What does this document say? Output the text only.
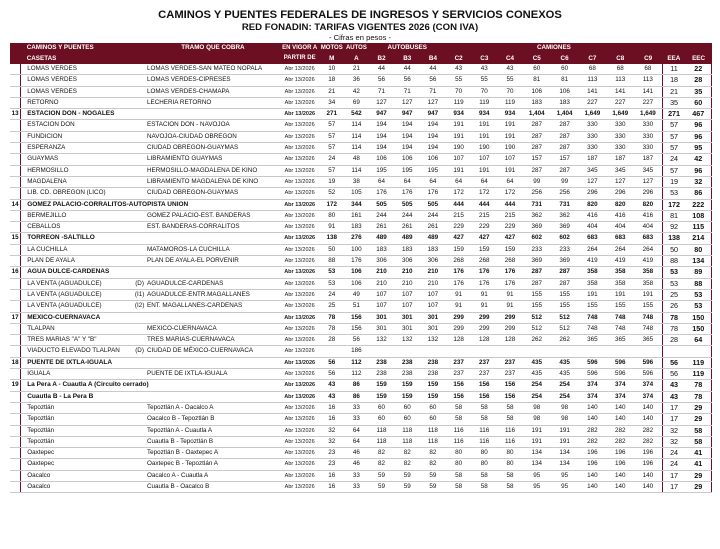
CAMINOS Y PUENTES FEDERALES DE INGRESOS Y SERVICIOS CONEXOS
RED FONADIN: TARIFAS VIGENTES 2026 (CON IVA)
- Cifras en pesos -
	CAMINOS Y PUENTES		TRAMO QUE COBRA	EN VIGOR A	MOTOS	AUTOS	AUTOBUSES			CAMIONES									
	CASETAS			PARTIR DE	M	A	B2	B3	B4	C2	C3	C4	C5	C6	C7	C8	C9	EEA	EEC
	LOMAS VERDES		LOMAS VERDES-SAN MATEO NOPALA	Abr 13/2026	10	21	44	44	44	43	43	43	60	60	68	68	68	11	22
	LOMAS VERDES		LOMAS VERDES-CIPRESES	Abr 13/2026	18	36	56	56	56	55	55	55	81	81	113	113	113	18	28
	LOMAS VERDES		LOMAS VERDES-CHAMAPA	Abr 13/2026	21	42	71	71	71	70	70	70	106	106	141	141	141	21	35
	RETORNO		LECHERIA RETORNO	Abr 13/2026	34	69	127	127	127	119	119	119	183	183	227	227	227	35	60
13	ESTACION DON - NOGALES			Abr 13/2026	271	542	947	947	947	934	934	934	1,404	1,404	1,649	1,649	1,649	271	467
	ESTACION DON		ESTACION DON - NAVOJOA	Abr 13/2026	57	114	194	194	194	191	191	191	287	287	330	330	330	57	96
	FUNDICION		NAVOJOA-CIUDAD OBREGON	Abr 13/2026	57	114	194	194	194	191	191	191	287	287	330	330	330	57	96
	ESPERANZA		CIUDAD OBREGON-GUAYMAS	Abr 13/2026	57	114	194	194	194	190	190	190	287	287	330	330	330	57	95
	GUAYMAS		LIBRAMIENTO GUAYMAS	Abr 13/2026	24	48	106	106	106	107	107	107	157	157	187	187	187	24	42
	HERMOSILLO		HERMOSILLO-MAGDALENA DE KINO	Abr 13/2026	57	114	195	195	195	191	191	191	287	287	345	345	345	57	96
	MAGDALENA		LIBRAMIENTO MAGDALENA DE KINO	Abr 13/2026	19	38	64	64	64	64	64	64	99	99	127	127	127	19	32
	LIB. CD. OBREGON (LICO)		CIUDAD OBREGON-GUAYMAS	Abr 13/2026	52	105	176	176	176	172	172	172	256	256	296	296	296	53	86
14	GOMEZ PALACIO-CORRALITOS-AUTOPISTA UNION			Abr 13/2026	172	344	505	505	505	444	444	444	731	731	820	820	820	172	222
	BERMEJILLO		GOMEZ PALACIO-EST. BANDERAS	Abr 13/2026	80	161	244	244	244	215	215	215	362	362	416	416	416	81	108
	CEBALLOS		EST. BANDERAS-CORRALITOS	Abr 13/2026	91	183	261	261	261	229	229	229	369	369	404	404	404	92	115
15	TORREON -SALTILLO			Abr 13/2026	138	276	489	489	489	427	427	427	602	602	683	683	683	138	214
	LA CUCHILLA		MATAMOROS-LA CUCHILLA	Abr 13/2026	50	100	183	183	183	159	159	159	233	233	264	264	264	50	80
	PLAN DE AYALA		PLAN DE AYALA-EL PORVENIR	Abr 13/2026	88	176	306	306	306	268	268	268	369	369	419	419	419	88	134
16	AGUA DULCE-CARDENAS			Abr 13/2026	53	106	210	210	210	176	176	176	287	287	358	358	358	53	89
	LA VENTA (AGUADULCE)	(D)	AGUADULCE-CARDENAS	Abr 13/2026	53	106	210	210	210	176	176	176	287	287	358	358	358	53	88
	LA VENTA (AGUADULCE)	(I1)	AGUADULCE-ENTR.MAGALLANES	Abr 13/2026	24	49	107	107	107	91	91	91	155	155	191	191	191	25	53
	LA VENTA (AGUADULCE)	(I2)	ENT. MAGALLANES-CARDENAS	Abr 13/2026	25	51	107	107	107	91	91	91	155	155	155	155	155	26	53
17	MEXICO-CUERNAVACA			Abr 13/2026	78	156	301	301	301	299	299	299	512	512	748	748	748	78	150
	TLALPAN		MEXICO-CUERNAVACA	Abr 13/2026	78	156	301	301	301	299	299	299	512	512	748	748	748	78	150
	TRES MARIAS "A" Y "B"		TRES MARIAS-CUERNAVACA	Abr 13/2026	28	56	132	132	132	128	128	128	262	262	365	365	365	28	64
	VIADUCTO ELEVADO TLALPAN	(D)	CIUDAD DE MÉXICO-CUERNAVACA	Abr 13/2026		186													
18	PUENTE DE IXTLA-IGUALA			Abr 13/2026	56	112	238	238	238	237	237	237	435	435	596	596	596	56	119
	IGUALA		PUENTE DE IXTLA-IGUALA	Abr 13/2026	56	112	238	238	238	237	237	237	435	435	596	596	596	56	119
19	La Pera A - Cuautla A (Circuito cerrado)			Abr 13/2026	43	86	159	159	159	156	156	156	254	254	374	374	374	43	78
	Cuautla B - La Pera B			Abr 13/2026	43	86	159	159	159	156	156	156	254	254	374	374	374	43	78
	Tepoztlán		Tepoztlán A - Oacalco A	Abr 13/2026	16	33	60	60	60	58	58	58	98	98	140	140	140	17	29
	Tepoztlán		Oacalco B - Tepoztlán B	Abr 13/2026	16	33	60	60	60	58	58	58	98	98	140	140	140	17	29
	Tepoztlán		Tepoztlán A - Cuautla A	Abr 13/2026	32	64	118	118	118	116	116	116	191	191	282	282	282	32	58
	Tepoztlán		Cuautla B - Tepoztlán B	Abr 13/2026	32	64	118	118	118	116	116	116	191	191	282	282	282	32	58
	Oaxtepec		Tepoztlán B - Oaxtepec A	Abr 13/2026	23	46	82	82	82	80	80	80	134	134	196	196	196	24	41
	Oaxtepec		Oaxtepec B - Tepoztlán A	Abr 13/2026	23	46	82	82	82	80	80	80	134	134	196	196	196	24	41
	Oacalco		Oacalco A - Cuautla A	Abr 13/2026	16	33	59	59	59	58	58	58	95	95	140	140	140	17	29
	Oacalco		Cuautla B - Oacalco B	Abr 13/2026	16	33	59	59	59	58	58	58	95	95	140	140	140	17	29
